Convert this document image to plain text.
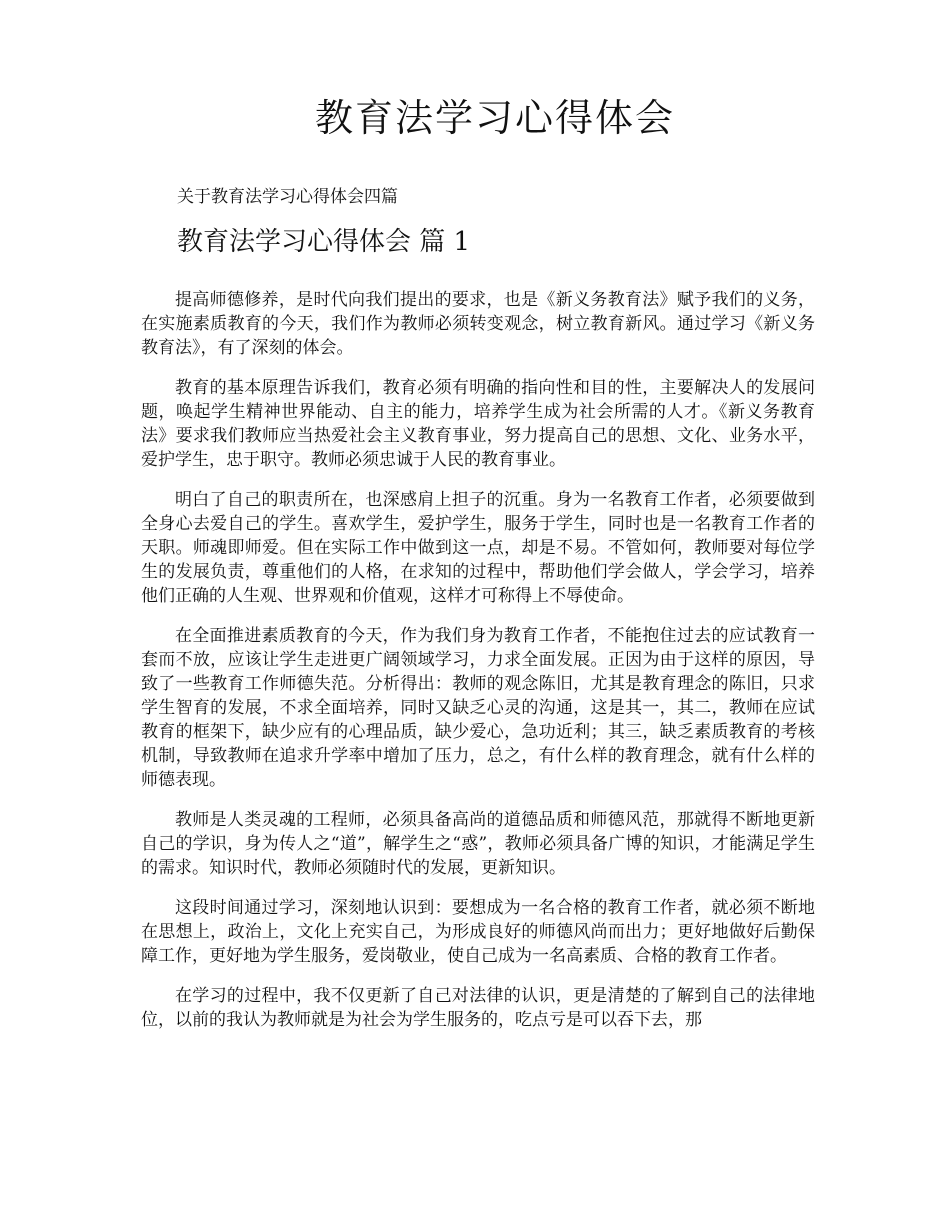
教育法学习心得体会

关于教育法学习心得体会四篇

教育法学习心得体会 篇 1

提高师德修养，是时代向我们提出的要求，也是《新义务教育法》赋予我们的义务，在实施素质教育的今天，我们作为教师必须转变观念，树立教育新风。通过学习《新义务教育法》，有了深刻的体会。

教育的基本原理告诉我们，教育必须有明确的指向性和目的性，主要解决人的发展问题，唤起学生精神世界能动、自主的能力，培养学生成为社会所需的人才。《新义务教育法》要求我们教师应当热爱社会主义教育事业，努力提高自己的思想、文化、业务水平，爱护学生，忠于职守。教师必须忠诚于人民的教育事业。

明白了自己的职责所在，也深感肩上担子的沉重。身为一名教育工作者，必须要做到全身心去爱自己的学生。喜欢学生，爱护学生，服务于学生，同时也是一名教育工作者的天职。师魂即师爱。但在实际工作中做到这一点，却是不易。不管如何，教师要对每位学生的发展负责，尊重他们的人格，在求知的过程中，帮助他们学会做人，学会学习，培养他们正确的人生观、世界观和价值观，这样才可称得上不辱使命。

在全面推进素质教育的今天，作为我们身为教育工作者，不能抱住过去的应试教育一套而不放，应该让学生走进更广阔领域学习，力求全面发展。正因为由于这样的原因，导致了一些教育工作师德失范。分析得出：教师的观念陈旧，尤其是教育理念的陈旧，只求学生智育的发展，不求全面培养，同时又缺乏心灵的沟通，这是其一，其二，教师在应试教育的框架下，缺少应有的心理品质，缺少爱心，急功近利；其三，缺乏素质教育的考核机制，导致教师在追求升学率中增加了压力，总之，有什么样的教育理念，就有什么样的师德表现。

教师是人类灵魂的工程师，必须具备高尚的道德品质和师德风范，那就得不断地更新自己的学识，身为传人之“道”，解学生之“惑”，教师必须具备广博的知识，才能满足学生的需求。知识时代，教师必须随时代的发展，更新知识。

这段时间通过学习，深刻地认识到：要想成为一名合格的教育工作者，就必须不断地在思想上，政治上，文化上充实自己，为形成良好的师德风尚而出力；更好地做好后勤保障工作，更好地为学生服务，爱岗敬业，使自己成为一名高素质、合格的教育工作者。

在学习的过程中，我不仅更新了自己对法律的认识，更是清楚的了解到自己的法律地位，以前的我认为教师就是为社会为学生服务的，吃点亏是可以吞下去，那
